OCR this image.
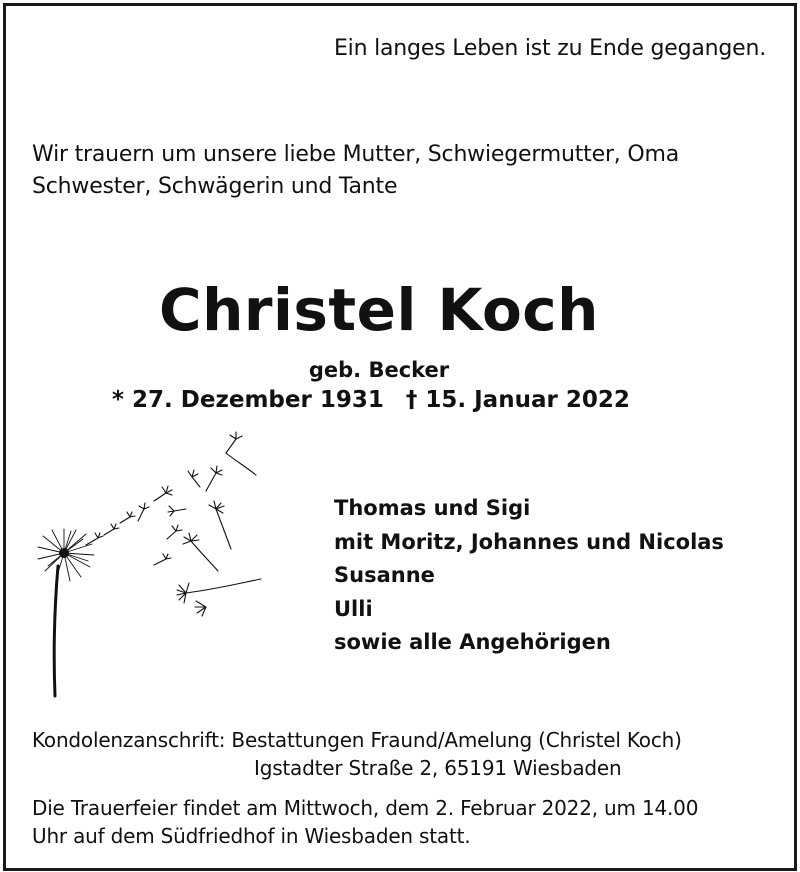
Ein langes Leben ist zu Ende gegangen.
Wir trauern um unsere liebe Mutter, Schwiegermutter, Oma
Schwester, Schwägerin und Tante
Christel Koch
geb. Becker
* 27. Dezember 1931 † 15. Januar 2022
Thomas und Sigi
mit Moritz, Johannes und Nicolas
Susanne
Ulli
sowie alle Angehörigen
Kondolenzanschrift: Bestattungen Fraund/Amelung (Christel Koch)
Igstadter Straße 2, 65191 Wiesbaden
Die Trauerfeier findet am Mittwoch, dem 2. Februar 2022, um 14.00
Uhr auf dem Südfriedhof in Wiesbaden statt.
